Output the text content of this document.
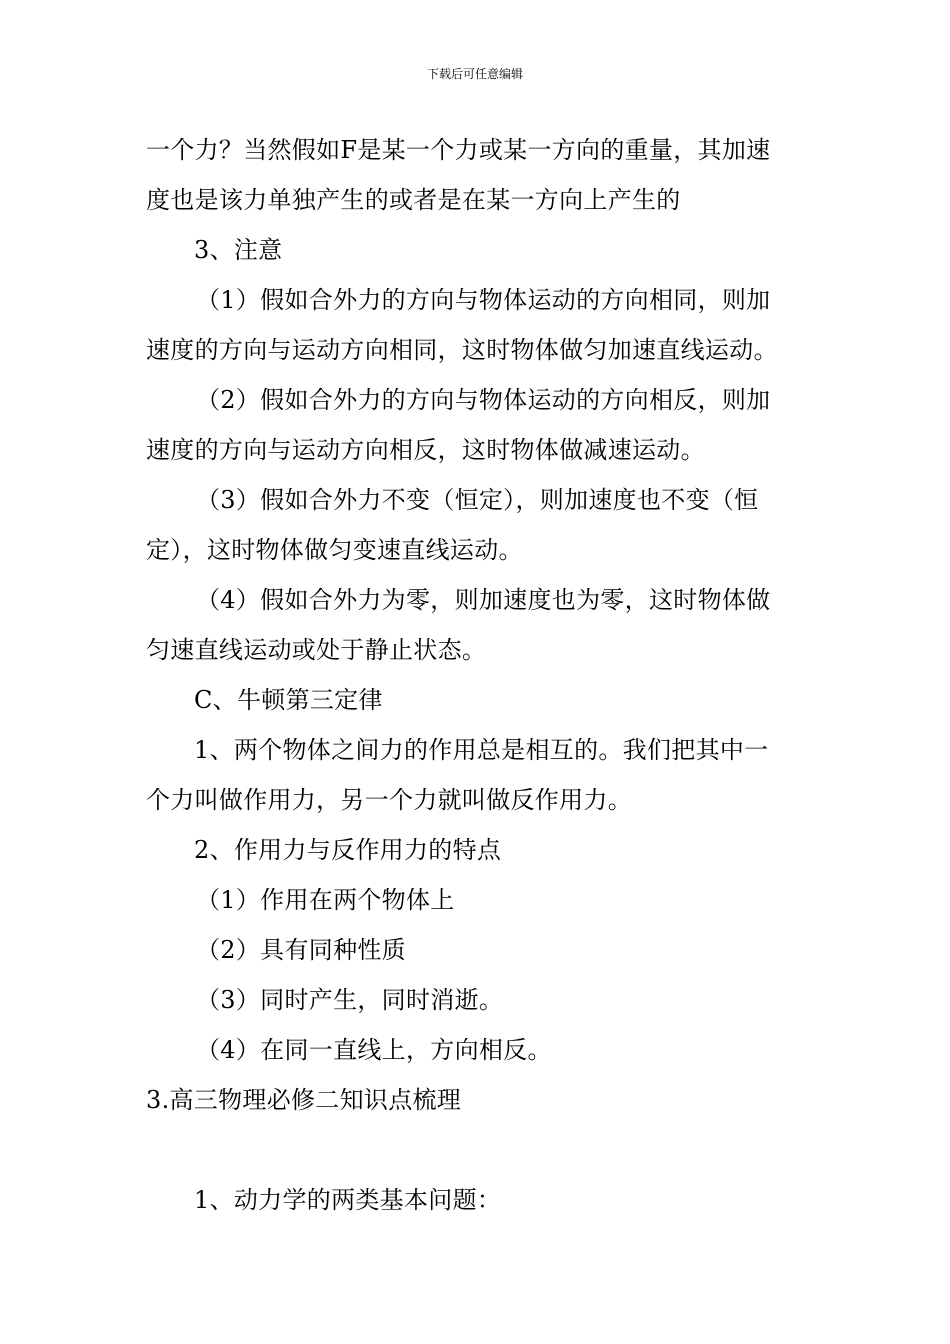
下载后可任意编辑
一个力？当然假如F是某一个力或某一方向的重量，其加速
度也是该力单独产生的或者是在某一方向上产生的
3、注意
（1）假如合外力的方向与物体运动的方向相同，则加
速度的方向与运动方向相同，这时物体做匀加速直线运动。
（2）假如合外力的方向与物体运动的方向相反，则加
速度的方向与运动方向相反，这时物体做减速运动。
（3）假如合外力不变（恒定），则加速度也不变（恒
定），这时物体做匀变速直线运动。
（4）假如合外力为零，则加速度也为零，这时物体做
匀速直线运动或处于静止状态。
C、牛顿第三定律
1、两个物体之间力的作用总是相互的。我们把其中一
个力叫做作用力，另一个力就叫做反作用力。
2、作用力与反作用力的特点
（1）作用在两个物体上
（2）具有同种性质
（3）同时产生，同时消逝。
（4）在同一直线上，方向相反。
3.高三物理必修二知识点梳理
1、动力学的两类基本问题：
